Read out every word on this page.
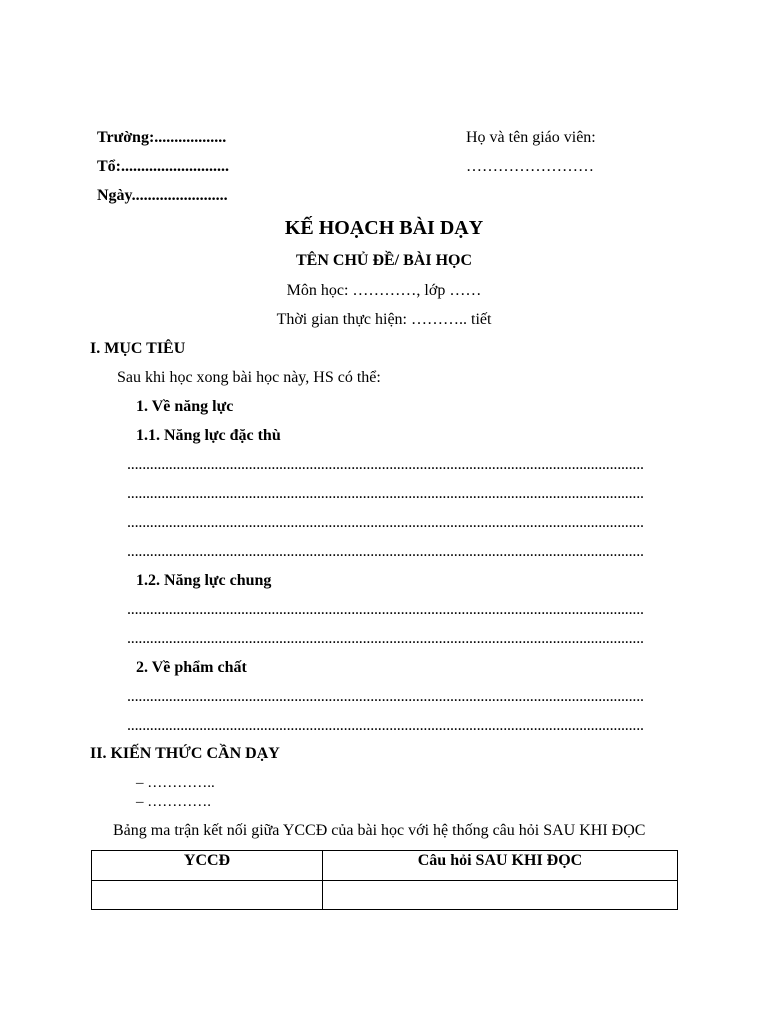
Trường:..................
Tổ:...........................
Ngày........................
Họ và tên giáo viên:
……………………
KẾ HOẠCH BÀI DẠY
TÊN CHỦ ĐỀ/ BÀI HỌC
Môn học: …………, lớp ……
Thời gian thực hiện: ……….. tiết
I. MỤC TIÊU
Sau khi học xong bài học này, HS có thể:
1. Về năng lực
1.1. Năng lực đặc thù
........................................................................................................................................
........................................................................................................................................
........................................................................................................................................
........................................................................................................................................
1.2. Năng lực chung
........................................................................................................................................
........................................................................................................................................
2. Về phẩm chất
........................................................................................................................................
........................................................................................................................................
II. KIẾN THỨC CẦN DẠY
– …………..
– ………….
Bảng ma trận kết nối giữa YCCĐ của bài học với hệ thống câu hỏi SAU KHI ĐỌC
YCCĐ	Câu hỏi SAU KHI ĐỌC
